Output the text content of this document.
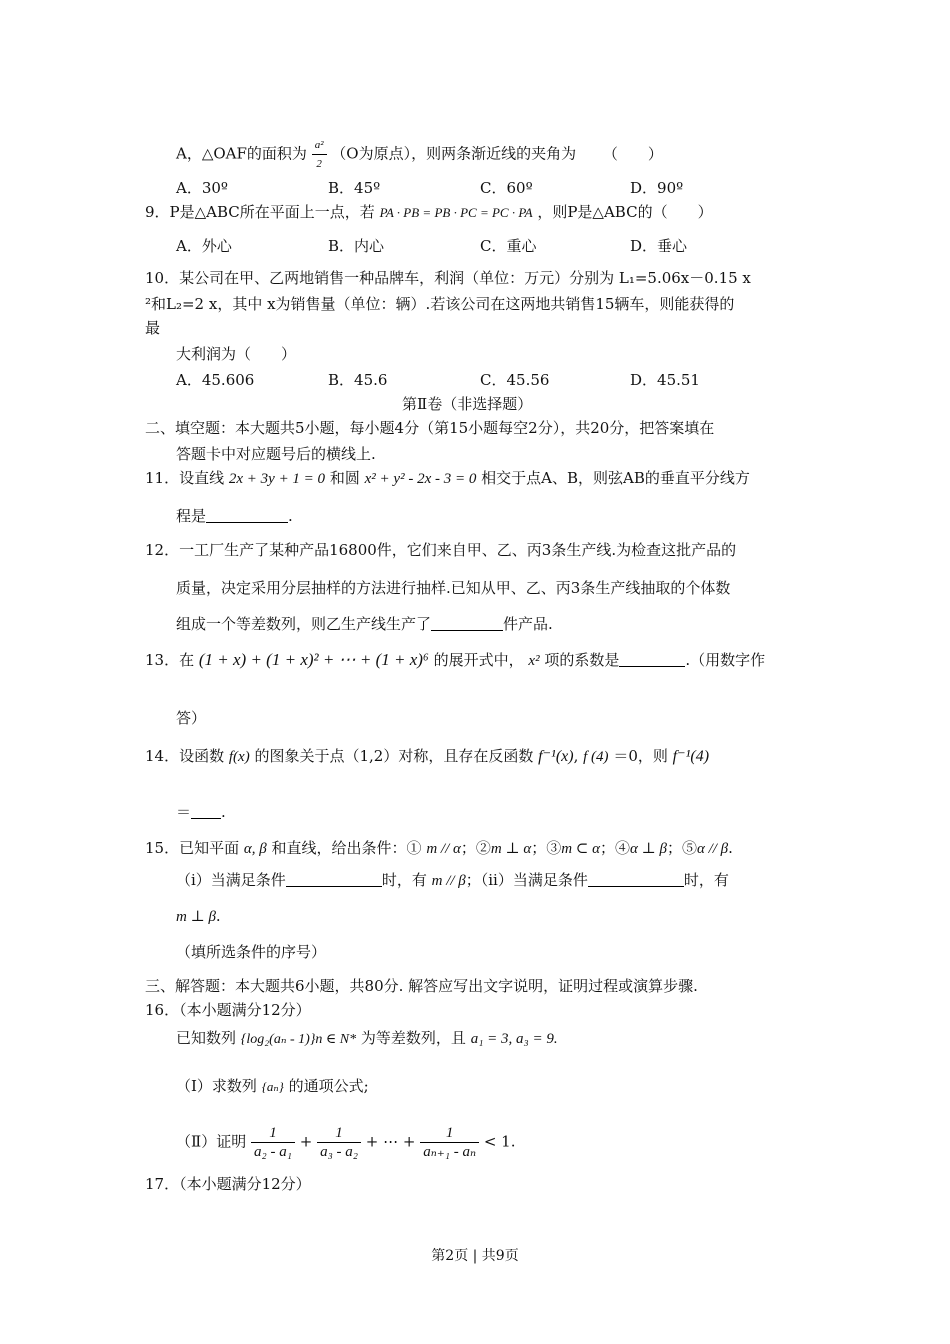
A，△OAF的面积为 $\frac{\text{a²}}{2} (O$为原点），则两条渐近线的夹角为 （　　）
A．30º	B．45º	C．60º	D．90º
9．P是△ABC所在平面上一点，若 PA · PB = PB · PC = PC · PA ，则P是△ABC的（　　）
A．外心	B．内心	C．重心	D．垂心
10．某公司在甲、乙两地销售一种品牌车，利润（单位：万元）分别为 L₁=5.06x－0.15 x
²和L₂=2 x，其中 x为销售量（单位：辆）.若该公司在这两地共销售15辆车，则能获得的
最
大利润为（　　）
A．45.606	B．45.6	C．45.56	D．45.51
第Ⅱ卷（非选择题）
二、填空题：本大题共5小题，每小题4分（第15小题每空2分），共20分，把答案填在
答题卡中对应题号后的横线上.
11．设直线 2x + 3y + 1 = 0 和圆 x² + y² - 2x - 3 = 0 相交于点A、B，则弦AB的垂直平分线方
程是	.
12．一工厂生产了某种产品16800件，它们来自甲、乙、丙3条生产线.为检查这批产品的
质量，决定采用分层抽样的方法进行抽样.已知从甲、乙、丙3条生产线抽取的个体数
组成一个等差数列，则乙生产线生产了	件产品.
13．在 (1 + x) + (1 + x)² + ⋯ + (1 + x)⁶ 的展开式中， x² 项的系数是	.（用数字作
答）
14．设函数 f(x) 的图象关于点（1,2）对称，且存在反函数 f⁻¹(x), f (4) ＝0，则 f⁻¹(4)
＝ .
15．已知平面 α, β 和直线，给出条件：① m // α；②m ⊥ α；③m ⊂ α；④α ⊥ β；⑤α // β.
（i）当满足条件	时，有 m // β；（ii）当满足条件	时，有
m ⊥ β.
（填所选条件的序号）
三、解答题：本大题共6小题，共80分. 解答应写出文字说明，证明过程或演算步骤.
16．（本小题满分12分）
已知数列 {log₂(aₙ - 1)}n ∈ N* 为等差数列，且 a₁ = 3, a₃ = 9.
（Ⅰ）求数列 {aₙ} 的通项公式;
（Ⅱ）证明 $\frac{1}{\text{a₂ - a₁}} + \frac{1}{\text{a₃ - a₂}}$ + ⋯ + $\frac{1}{\text{aₙ₊₁ - aₙ}} < 1$.
17．（本小题满分12分）
第2页 | 共9页
